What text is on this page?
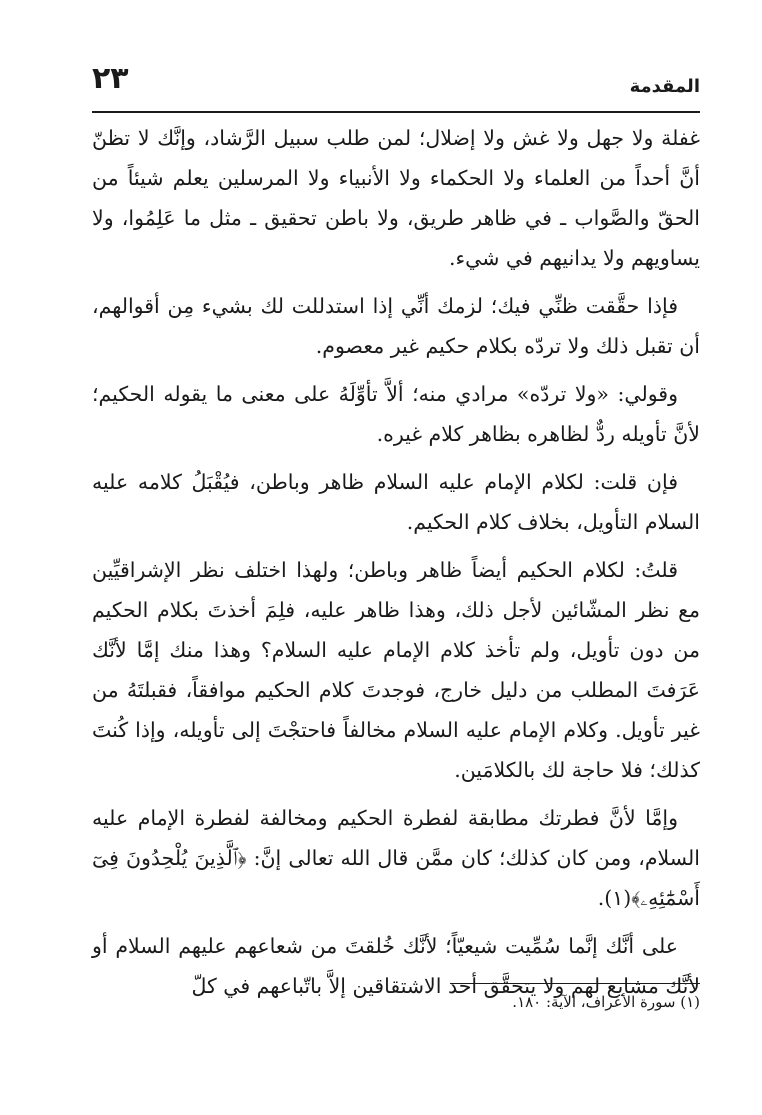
٢٣	المقدمة

غفلة ولا جهل ولا غش ولا إضلال؛ لمن طلب سبيل الرَّشاد، وإنَّك لا تظنّ أنَّ أحداً من العلماء ولا الحكماء ولا الأنبياء ولا المرسلين يعلم شيئاً من الحقّ والصَّواب ـ في ظاهر طريق، ولا باطن تحقيق ـ مثل ما عَلِمُوا، ولا يساويهم ولا يدانيهم في شيء.

فإذا حقَّقت ظنِّي فيك؛ لزمك أنِّي إذا استدللت لك بشيء مِن أقوالهم، أن تقبل ذلك ولا تردّه بكلام حكيم غير معصوم.

وقولي: «ولا تردّه» مرادي منه؛ ألاَّ تأوِّلَهُ على معنى ما يقوله الحكيم؛ لأنَّ تأويله ردٌّ لظاهره بظاهر كلام غيره.

فإن قلت: لكلام الإمام عليه السلام ظاهر وباطن، فيُقْبَلُ كلامه عليه السلام التأويل، بخلاف كلام الحكيم.

قلتُ: لكلام الحكيم أيضاً ظاهر وباطن؛ ولهذا اختلف نظر الإشراقيِّين مع نظر المشّائين لأجل ذلك، وهذا ظاهر عليه، فلِمَ أخذتَ بكلام الحكيم من دون تأويل، ولم تأخذ كلام الإمام عليه السلام؟ وهذا منك إمَّا لأنَّك عَرَفتَ المطلب من دليل خارج، فوجدتَ كلام الحكيم موافقاً، فقبلتَهُ من غير تأويل. وكلام الإمام عليه السلام مخالفاً فاحتجْتَ إلى تأويله، وإذا كُنتَ كذلك؛ فلا حاجة لك بالكلامَين.

وإمَّا لأنَّ فطرتك مطابقة لفطرة الحكيم ومخالفة لفطرة الإمام عليه السلام، ومن كان كذلك؛ كان ممَّن قال الله تعالى إنَّ: ﴿ٱلَّذِينَ يُلْحِدُونَ فِىٓ أَسْمَٰٓئِهِۦ﴾(١).

على أنَّك إنَّما سُمِّيت شيعيّاً؛ لأنَّك خُلقتَ من شعاعهم عليهم السلام أو لأنَّك مشايع لهم ولا يتحقَّق أحد الاشتقاقين إلاَّ باتّباعهم في كلّ

(١) سورة الأعراف، الآية: ١٨٠.
